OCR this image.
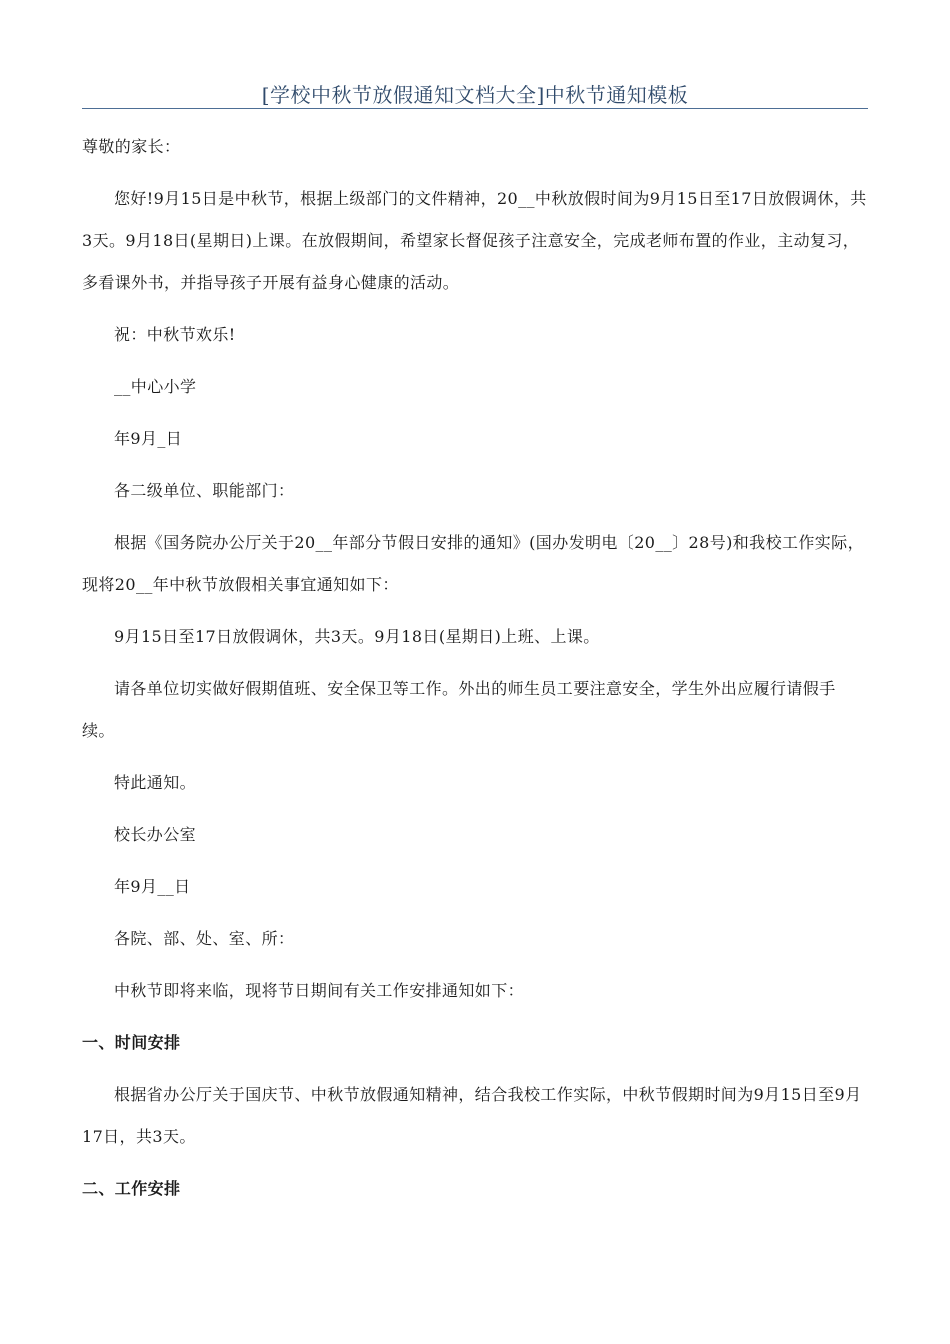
[学校中秋节放假通知文档大全]中秋节通知模板

尊敬的家长：

您好!9月15日是中秋节，根据上级部门的文件精神，20__中秋放假时间为9月15日至17日放假调休，共3天。9月18日(星期日)上课。在放假期间，希望家长督促孩子注意安全，完成老师布置的作业，主动复习，多看课外书，并指导孩子开展有益身心健康的活动。

祝：中秋节欢乐!

__中心小学

年9月_日

各二级单位、职能部门：

根据《国务院办公厅关于20__年部分节假日安排的通知》(国办发明电〔20__〕28号)和我校工作实际，现将20__年中秋节放假相关事宜通知如下：

9月15日至17日放假调休，共3天。9月18日(星期日)上班、上课。

请各单位切实做好假期值班、安全保卫等工作。外出的师生员工要注意安全，学生外出应履行请假手续。

特此通知。

校长办公室

年9月__日

各院、部、处、室、所：

中秋节即将来临，现将节日期间有关工作安排通知如下：

一、时间安排

根据省办公厅关于国庆节、中秋节放假通知精神，结合我校工作实际，中秋节假期时间为9月15日至9月17日，共3天。

二、工作安排
